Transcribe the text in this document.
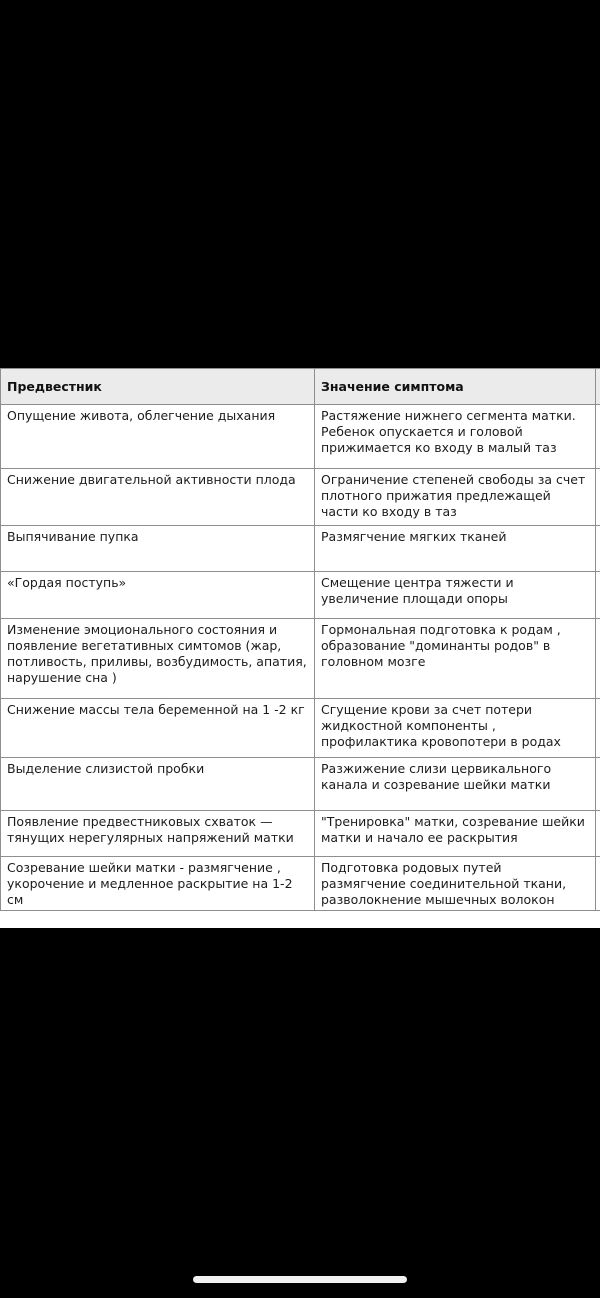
Предвестник	Значение симптома	
Опущение живота, облегчение дыхания	Растяжение нижнего сегмента матки. Ребенок опускается и головой прижимается ко входу в малый таз	
Снижение двигательной активности плода	Ограничение степеней свободы за счет плотного прижатия предлежащей части ко входу в таз	
Выпячивание пупка	Размягчение мягких тканей	
«Гордая поступь»	Смещение центра тяжести и увеличение площади опоры	
Изменение эмоционального состояния и появление вегетативных симтомов (жар, потливость, приливы, возбудимость, апатия, нарушение сна )	Гормональная подготовка к родам , образование "доминанты родов" в головном мозге	
Снижение массы тела беременной на 1 -2 кг	Сгущение крови за счет потери жидкостной компоненты , профилактика кровопотери в родах	
Выделение слизистой пробки	Разжижение слизи цервикального канала и созревание шейки матки	
Появление предвестниковых схваток — тянущих нерегулярных напряжений матки	"Тренировка" матки, созревание шейки матки и начало ее раскрытия	
Созревание шейки матки - размягчение , укорочение и медленное раскрытие на 1-2 см	Подготовка родовых путей размягчение соединительной ткани, разволокнение мышечных волокон	
